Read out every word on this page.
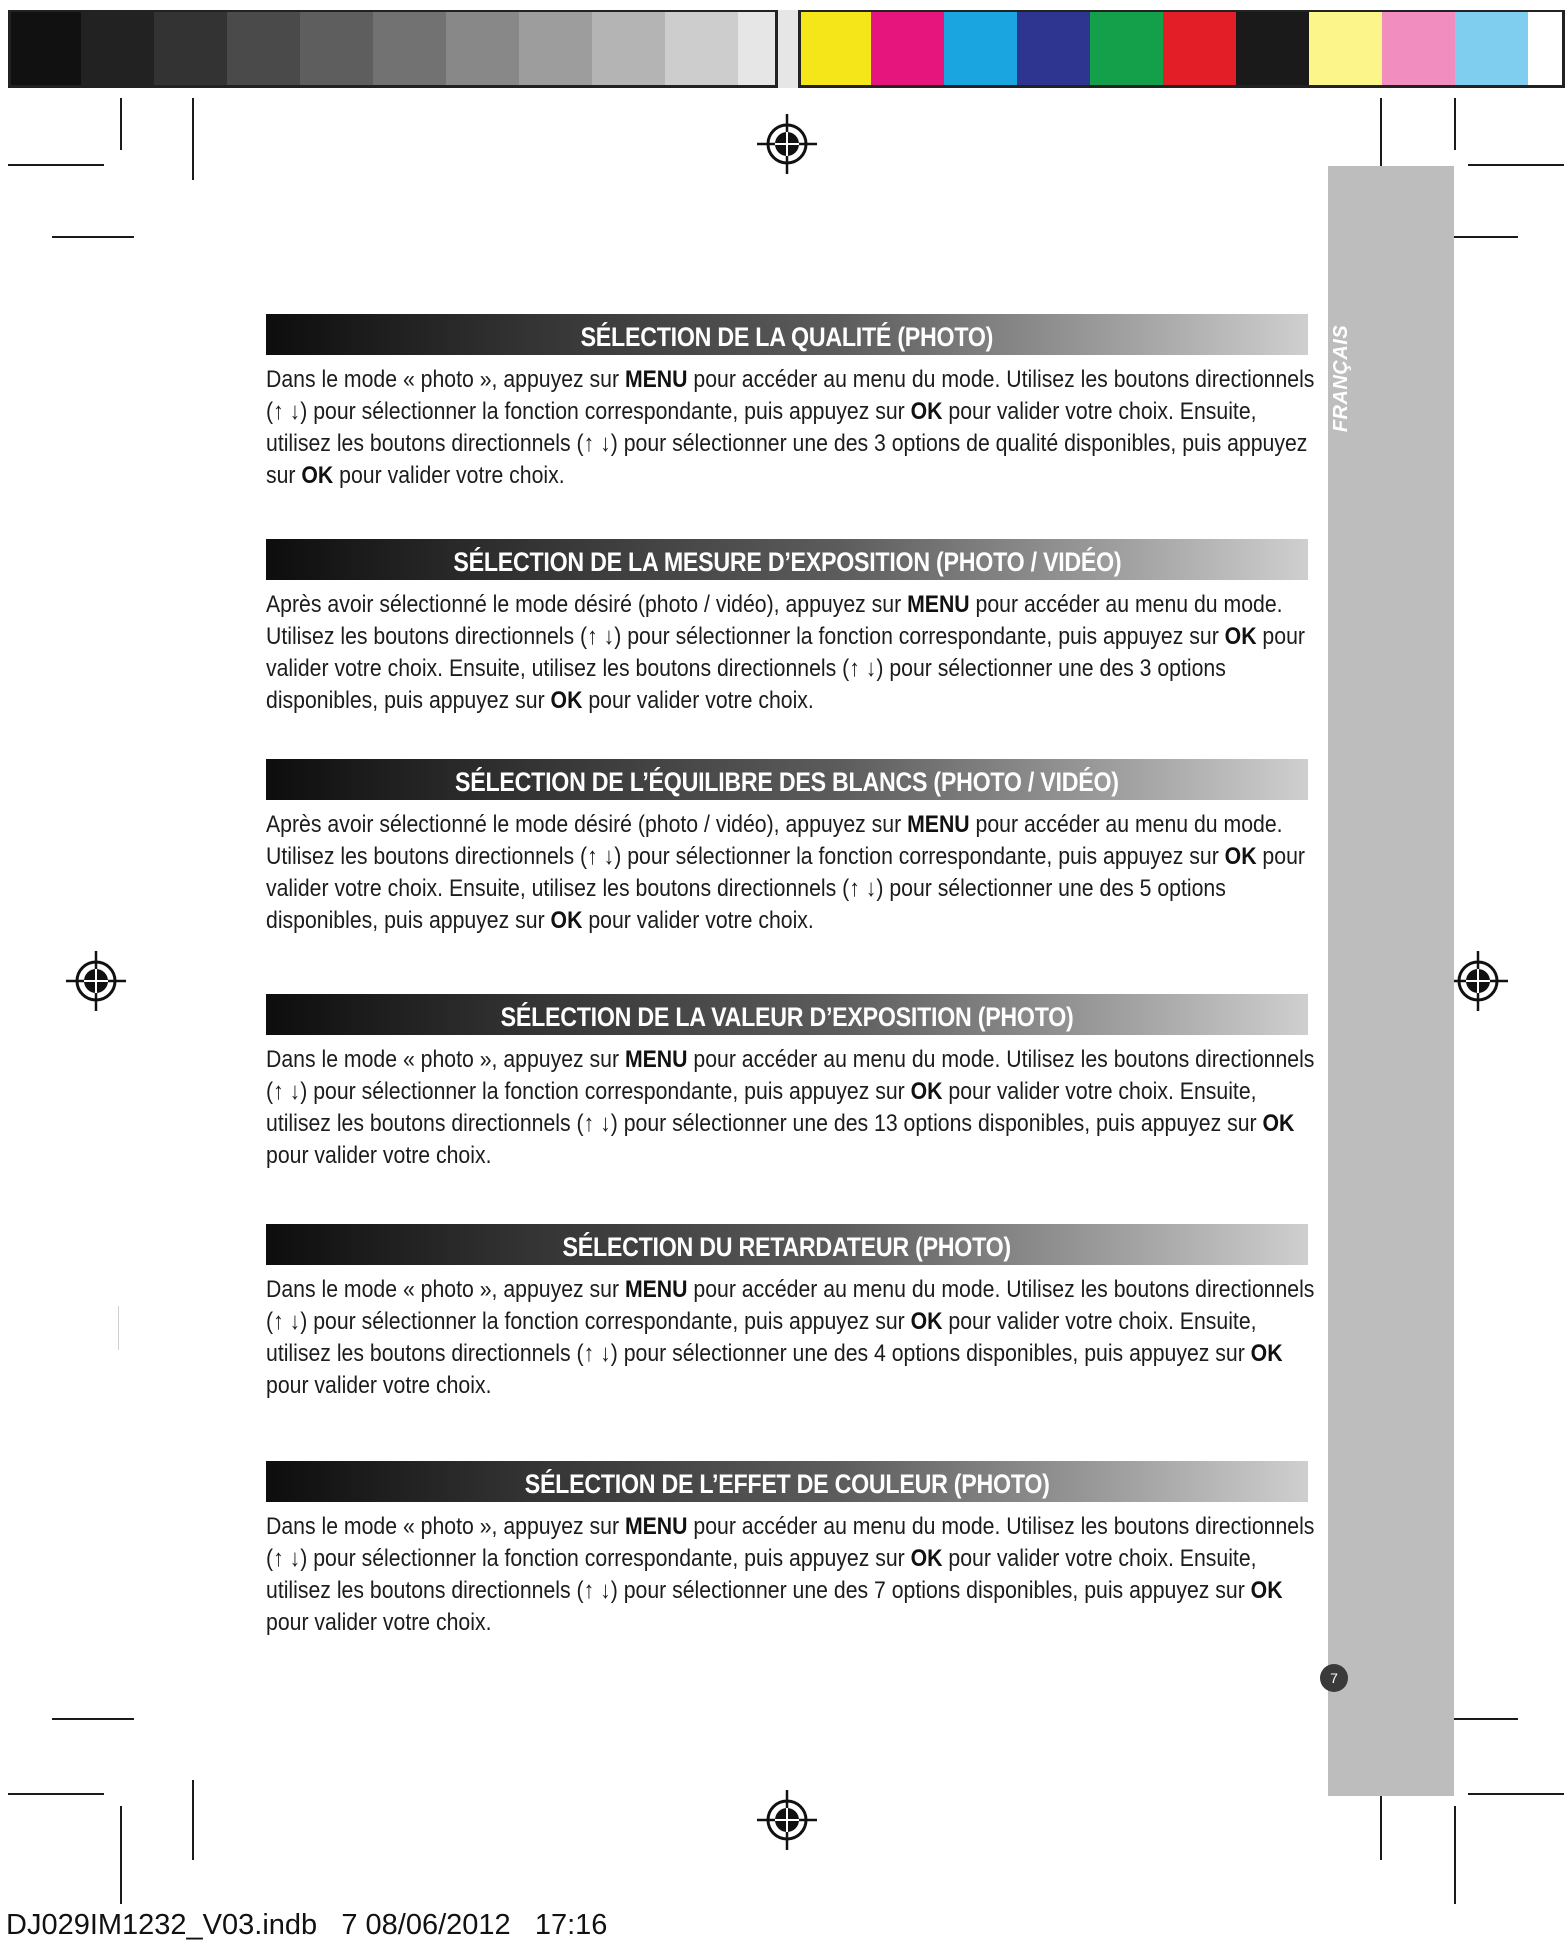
FRANÇAIS
7
SÉLECTION DE LA QUALITÉ (PHOTO)
Dans le mode « photo », appuyez sur MENU pour accéder au menu du mode. Utilisez les boutons directionnels (↑ ↓) pour sélectionner la fonction correspondante, puis appuyez sur OK pour valider votre choix. Ensuite, utilisez les boutons directionnels (↑ ↓) pour sélectionner une des 3 options de qualité disponibles, puis appuyez sur OK pour valider votre choix.
SÉLECTION DE LA MESURE D’EXPOSITION (PHOTO / VIDÉO)
Après avoir sélectionné le mode désiré (photo / vidéo), appuyez sur MENU pour accéder au menu du mode. Utilisez les boutons directionnels (↑ ↓) pour sélectionner la fonction correspondante, puis appuyez sur OK pour valider votre choix. Ensuite, utilisez les boutons directionnels (↑ ↓) pour sélectionner une des 3 options disponibles, puis appuyez sur OK pour valider votre choix.
SÉLECTION DE L’ÉQUILIBRE DES BLANCS (PHOTO / VIDÉO)
Après avoir sélectionné le mode désiré (photo / vidéo), appuyez sur MENU pour accéder au menu du mode. Utilisez les boutons directionnels (↑ ↓) pour sélectionner la fonction correspondante, puis appuyez sur OK pour valider votre choix. Ensuite, utilisez les boutons directionnels (↑ ↓) pour sélectionner une des 5 options disponibles, puis appuyez sur OK pour valider votre choix.
SÉLECTION DE LA VALEUR D’EXPOSITION (PHOTO)
Dans le mode « photo », appuyez sur MENU pour accéder au menu du mode. Utilisez les boutons directionnels (↑ ↓) pour sélectionner la fonction correspondante, puis appuyez sur OK pour valider votre choix. Ensuite, utilisez les boutons directionnels (↑ ↓) pour sélectionner une des 13 options disponibles, puis appuyez sur OK pour valider votre choix.
SÉLECTION DU RETARDATEUR (PHOTO)
Dans le mode « photo », appuyez sur MENU pour accéder au menu du mode. Utilisez les boutons directionnels (↑ ↓) pour sélectionner la fonction correspondante, puis appuyez sur OK pour valider votre choix. Ensuite, utilisez les boutons directionnels (↑ ↓) pour sélectionner une des 4 options disponibles, puis appuyez sur OK pour valider votre choix.
SÉLECTION DE L’EFFET DE COULEUR (PHOTO)
Dans le mode « photo », appuyez sur MENU pour accéder au menu du mode. Utilisez les boutons directionnels (↑ ↓) pour sélectionner la fonction correspondante, puis appuyez sur OK pour valider votre choix. Ensuite, utilisez les boutons directionnels (↑ ↓) pour sélectionner une des 7 options disponibles, puis appuyez sur OK pour valider votre choix.
DJ029IM1232_V03.indb   7 08/06/2012   17:16
